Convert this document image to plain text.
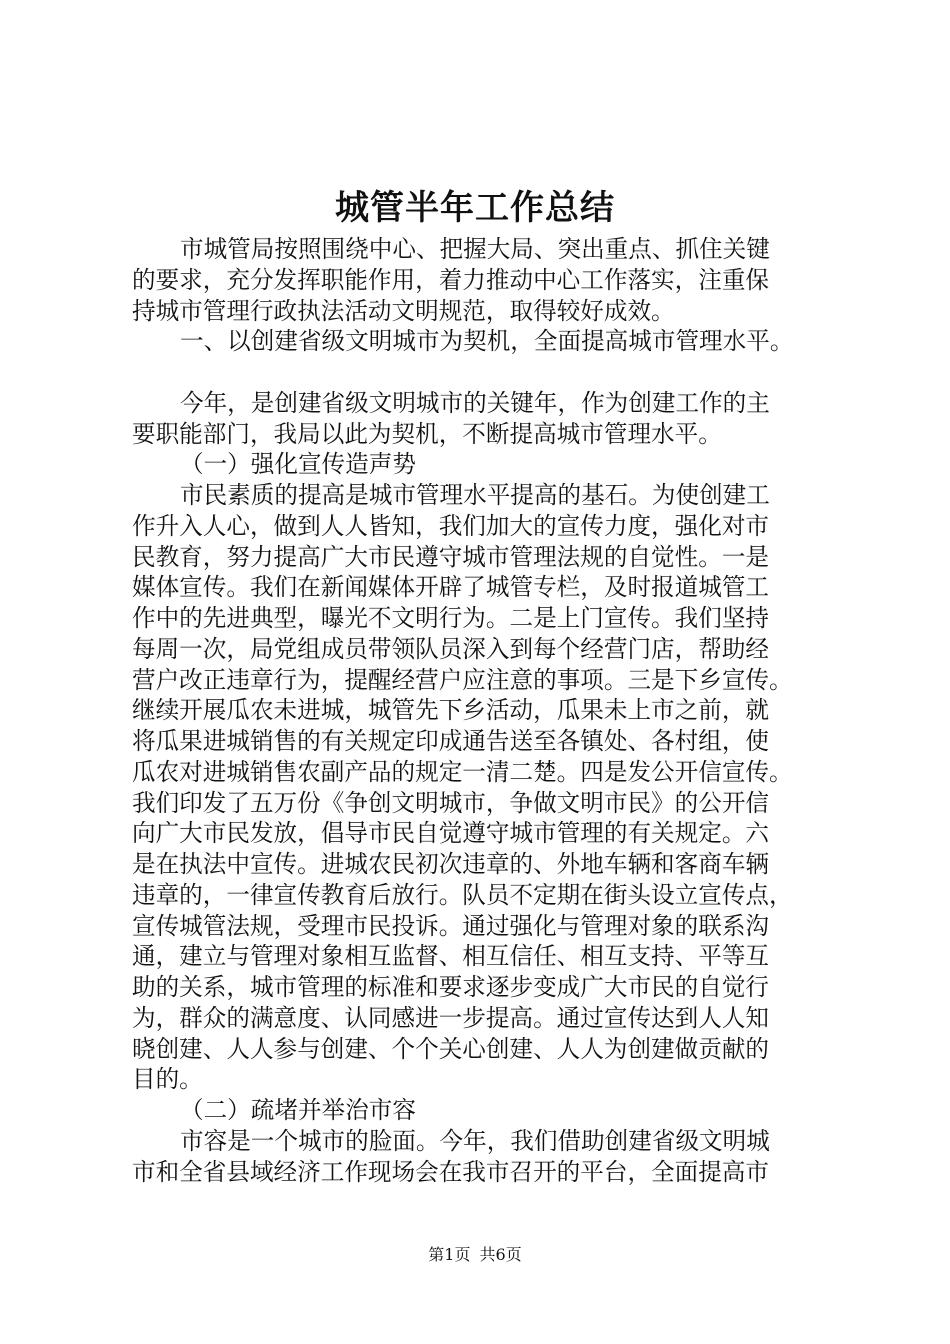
城管半年工作总结
市城管局按照围绕中心、把握大局、突出重点、抓住关键
的要求，充分发挥职能作用，着力推动中心工作落实，注重保
持城市管理行政执法活动文明规范，取得较好成效。
一、以创建省级文明城市为契机，全面提高城市管理水平。
今年，是创建省级文明城市的关键年，作为创建工作的主
要职能部门，我局以此为契机，不断提高城市管理水平。
（一）强化宣传造声势
市民素质的提高是城市管理水平提高的基石。为使创建工
作升入人心，做到人人皆知，我们加大的宣传力度，强化对市
民教育，努力提高广大市民遵守城市管理法规的自觉性。一是
媒体宣传。我们在新闻媒体开辟了城管专栏，及时报道城管工
作中的先进典型，曝光不文明行为。二是上门宣传。我们坚持
每周一次，局党组成员带领队员深入到每个经营门店，帮助经
营户改正违章行为，提醒经营户应注意的事项。三是下乡宣传。
继续开展瓜农未进城，城管先下乡活动，瓜果未上市之前，就
将瓜果进城销售的有关规定印成通告送至各镇处、各村组，使
瓜农对进城销售农副产品的规定一清二楚。四是发公开信宣传。
我们印发了五万份《争创文明城市，争做文明市民》的公开信
向广大市民发放，倡导市民自觉遵守城市管理的有关规定。六
是在执法中宣传。进城农民初次违章的、外地车辆和客商车辆
违章的，一律宣传教育后放行。队员不定期在街头设立宣传点，
宣传城管法规，受理市民投诉。通过强化与管理对象的联系沟
通，建立与管理对象相互监督、相互信任、相互支持、平等互
助的关系，城市管理的标准和要求逐步变成广大市民的自觉行
为，群众的满意度、认同感进一步提高。通过宣传达到人人知
晓创建、人人参与创建、个个关心创建、人人为创建做贡献的
目的。
（二）疏堵并举治市容
市容是一个城市的脸面。今年，我们借助创建省级文明城
市和全省县域经济工作现场会在我市召开的平台，全面提高市
第1页 共6页
